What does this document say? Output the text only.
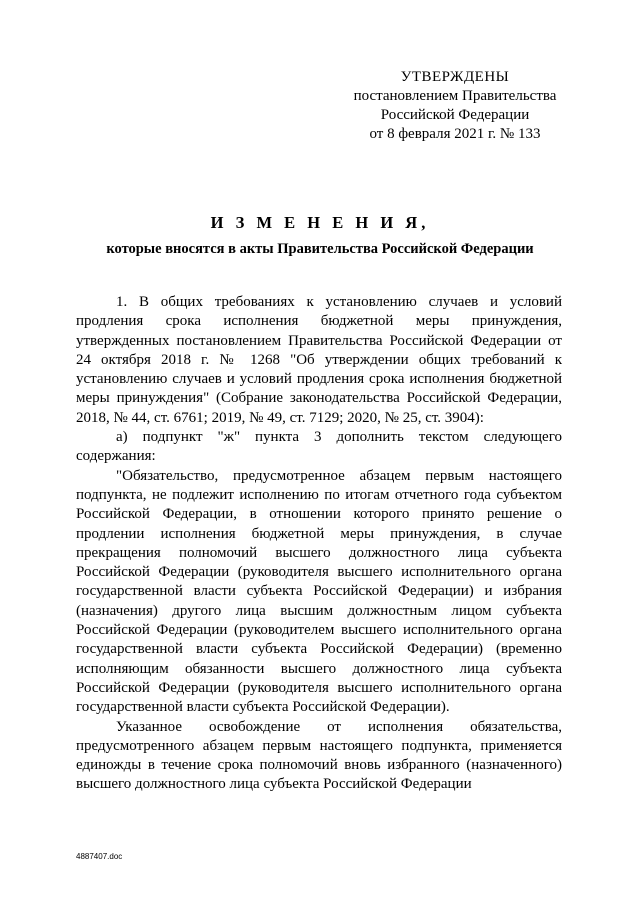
УТВЕРЖДЕНЫ
постановлением Правительства
Российской Федерации
от 8 февраля 2021 г. № 133
И З М Е Н Е Н И Я,
которые вносятся в акты Правительства Российской Федерации

1. В общих требованиях к установлению случаев и условий продления срока исполнения бюджетной меры принуждения, утвержденных постановлением Правительства Российской Федерации от 24 октября 2018 г. № 1268 "Об утверждении общих требований к установлению случаев и условий продления срока исполнения бюджетной меры принуждения" (Собрание законодательства Российской Федерации, 2018, № 44, ст. 6761; 2019, № 49, ст. 7129; 2020, № 25, ст. 3904):

а) подпункт "ж" пункта 3 дополнить текстом следующего содержания:

"Обязательство, предусмотренное абзацем первым настоящего подпункта, не подлежит исполнению по итогам отчетного года субъектом Российской Федерации, в отношении которого принято решение о продлении исполнения бюджетной меры принуждения, в случае прекращения полномочий высшего должностного лица субъекта Российской Федерации (руководителя высшего исполнительного органа государственной власти субъекта Российской Федерации) и избрания (назначения) другого лица высшим должностным лицом субъекта Российской Федерации (руководителем высшего исполнительного органа государственной власти субъекта Российской Федерации) (временно исполняющим обязанности высшего должностного лица субъекта Российской Федерации (руководителя высшего исполнительного органа государственной власти субъекта Российской Федерации).

Указанное освобождение от исполнения обязательства, предусмотренного абзацем первым настоящего подпункта, применяется единожды в течение срока полномочий вновь избранного (назначенного) высшего должностного лица субъекта Российской Федерации

4887407.doc
